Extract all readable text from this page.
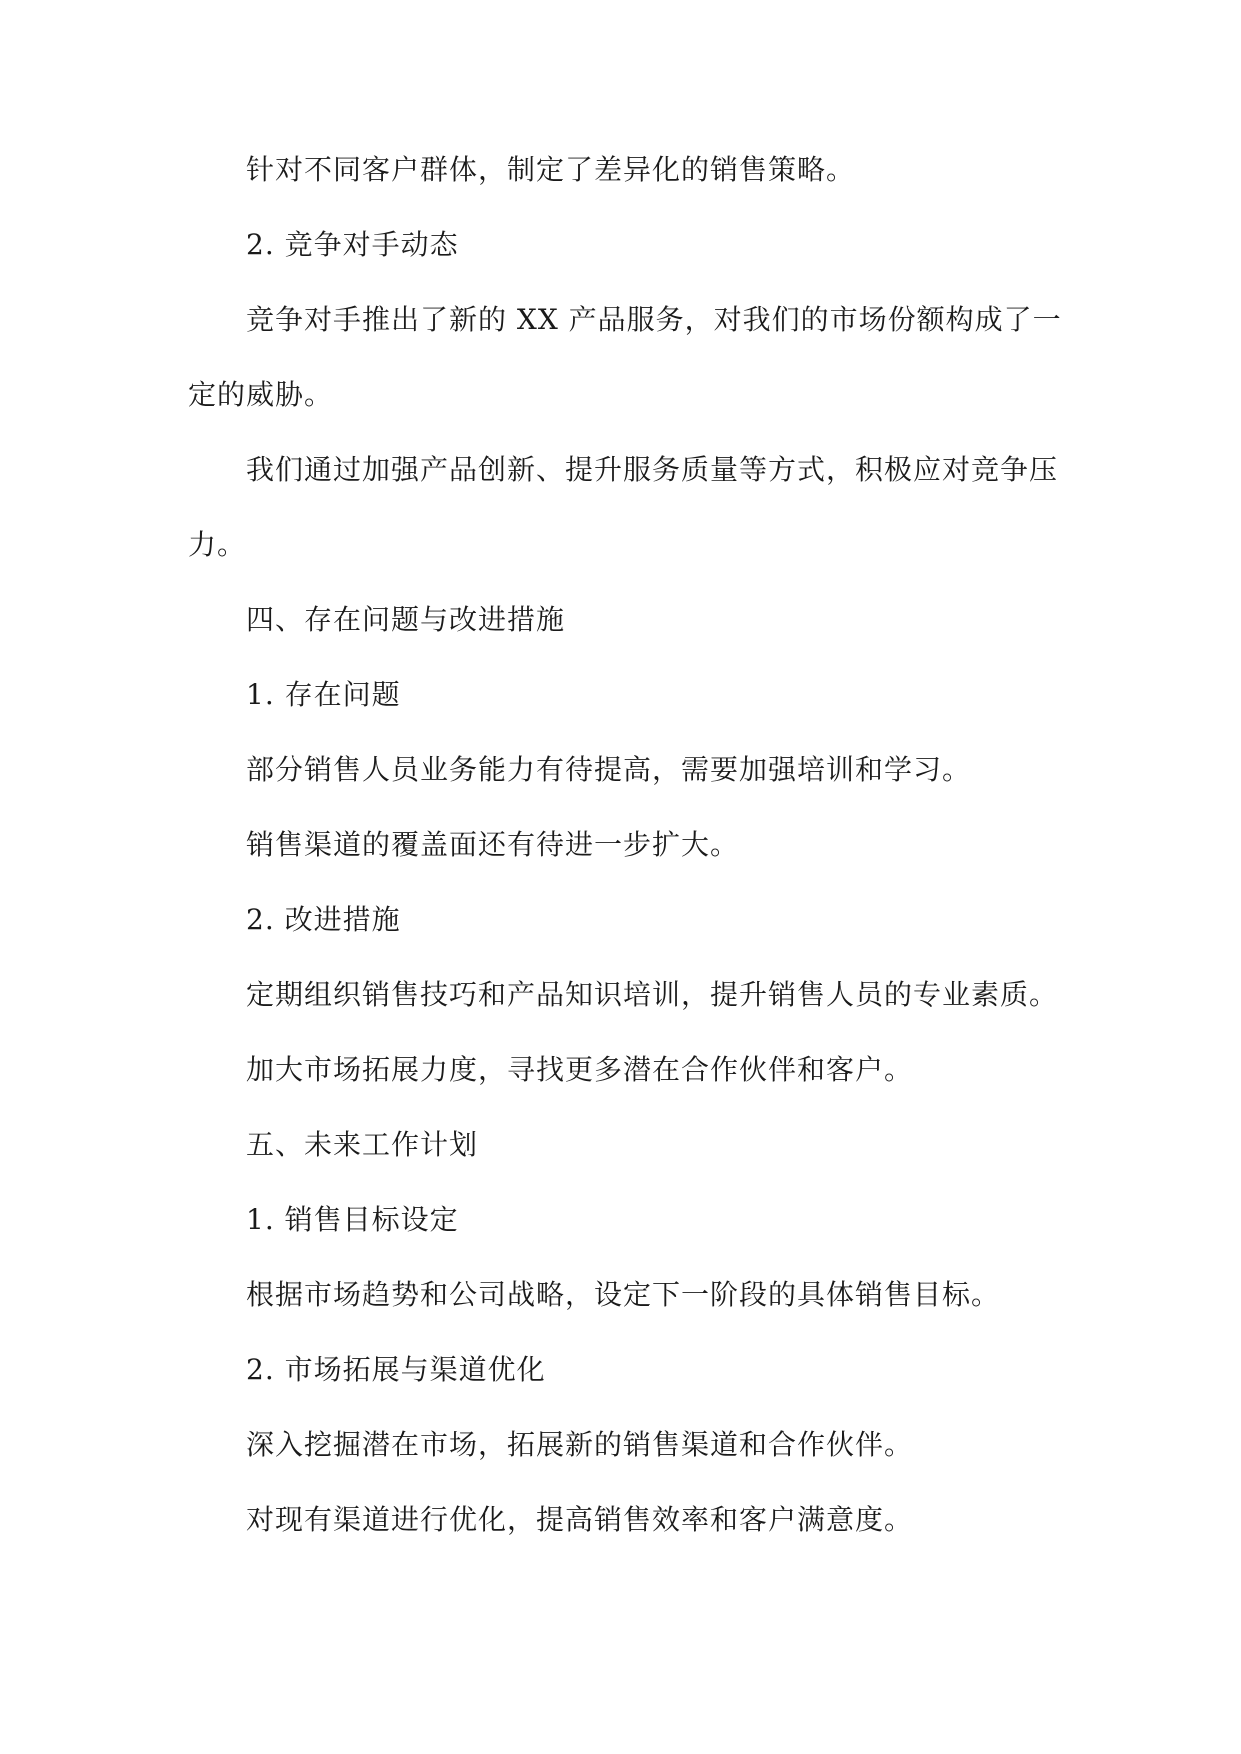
针对不同客户群体，制定了差异化的销售策略。
2. 竞争对手动态
竞争对手推出了新的 XX 产品服务，对我们的市场份额构成了一
定的威胁。
我们通过加强产品创新、提升服务质量等方式，积极应对竞争压
力。
四、存在问题与改进措施
1. 存在问题
部分销售人员业务能力有待提高，需要加强培训和学习。
销售渠道的覆盖面还有待进一步扩大。
2. 改进措施
定期组织销售技巧和产品知识培训，提升销售人员的专业素质。
加大市场拓展力度，寻找更多潜在合作伙伴和客户。
五、未来工作计划
1. 销售目标设定
根据市场趋势和公司战略，设定下一阶段的具体销售目标。
2. 市场拓展与渠道优化
深入挖掘潜在市场，拓展新的销售渠道和合作伙伴。
对现有渠道进行优化，提高销售效率和客户满意度。
